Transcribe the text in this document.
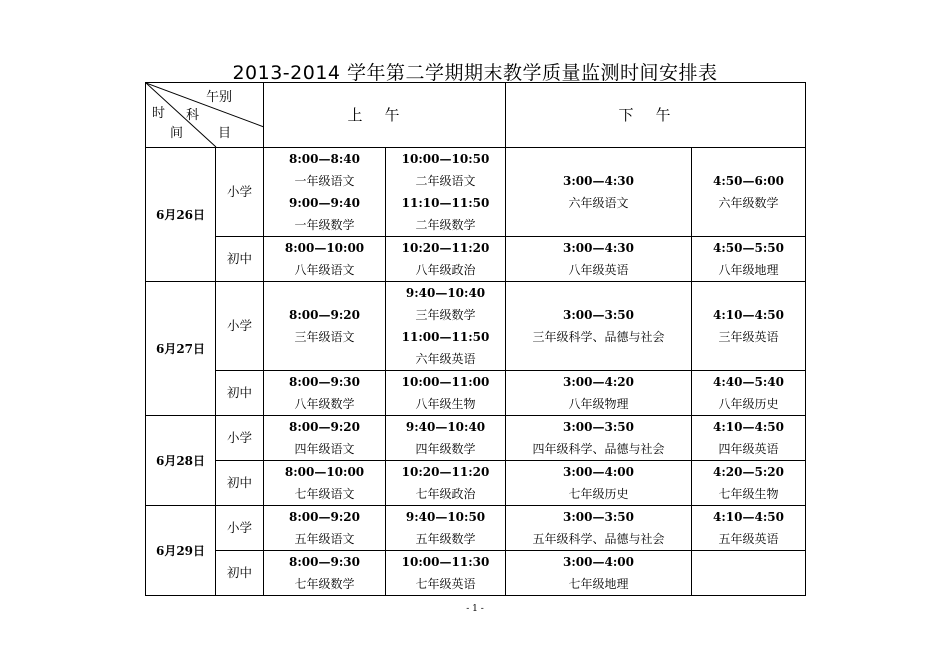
2013-2014 学年第二学期期末教学质量监测时间安排表
午别
科
目
时
间		上午		下午	
6月26日	小学	8:00—8:40
一年级语文
9:00—9:40
一年级数学	10:00—10:50
二年级语文
11:10—11:50
二年级数学	3:00—4:30
六年级语文	4:50—6:00
六年级数学

	初中	8:00—10:00
八年级语文	10:20—11:20
八年级政治	3:00—4:30
八年级英语	4:50—5:50
八年级地理

6月27日	小学	8:00—9:20
三年级语文	9:40—10:40
三年级数学
11:00—11:50
六年级英语	3:00—3:50
三年级科学、品德与社会	4:10—4:50
三年级英语

	初中	8:00—9:30
八年级数学	10:00—11:00
八年级生物	3:00—4:20
八年级物理	4:40—5:40
八年级历史

6月28日	小学	8:00—9:20
四年级语文	9:40—10:40
四年级数学	3:00—3:50
四年级科学、品德与社会	4:10—4:50
四年级英语

	初中	8:00—10:00
七年级语文	10:20—11:20
七年级政治	3:00—4:00
七年级历史	4:20—5:20
七年级生物

6月29日	小学	8:00—9:20
五年级语文	9:40—10:50
五年级数学	3:00—3:50
五年级科学、品德与社会	4:10—4:50
五年级英语

	初中	8:00—9:30
七年级数学	10:00—11:30
七年级英语	3:00—4:00
七年级地理	

- 1 -
